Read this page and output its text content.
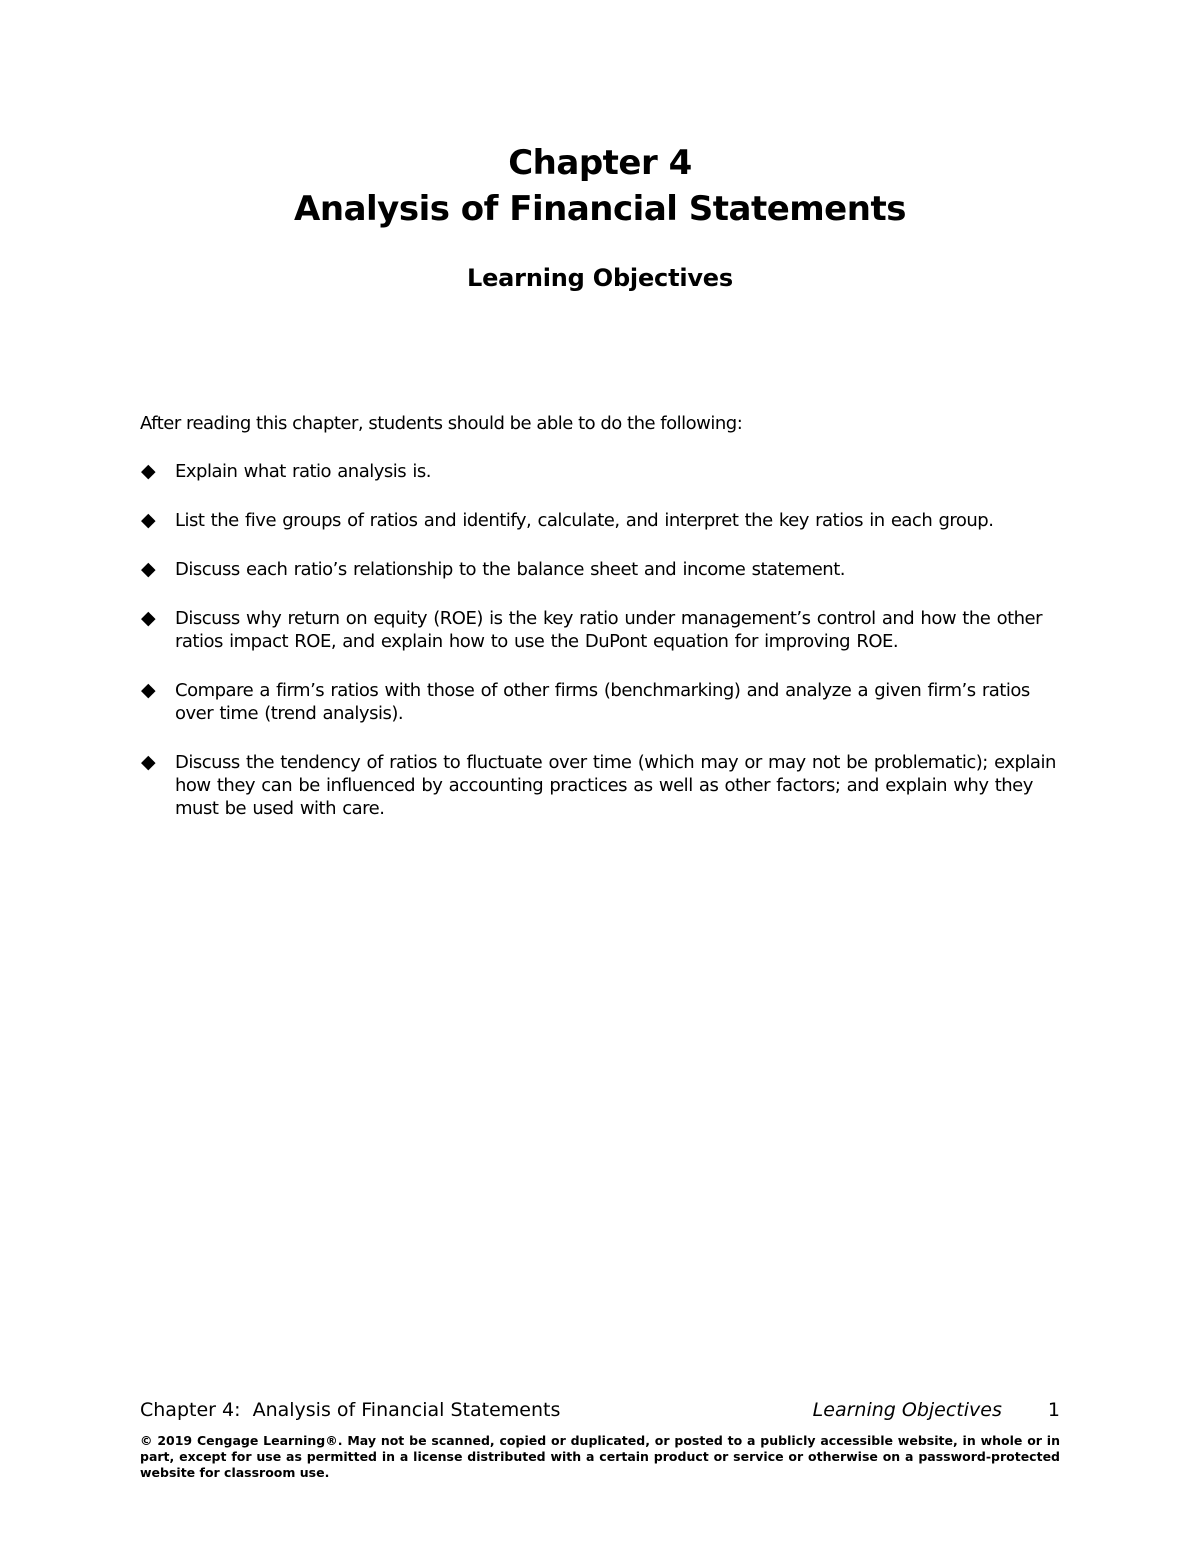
Chapter 4
Analysis of Financial Statements
Learning Objectives
After reading this chapter, students should be able to do the following:
◆ Explain what ratio analysis is.
◆ List the five groups of ratios and identify, calculate, and interpret the key ratios in each group.
◆ Discuss each ratio’s relationship to the balance sheet and income statement.
◆ Discuss why return on equity (ROE) is the key ratio under management’s control and how the other ratios impact ROE, and explain how to use the DuPont equation for improving ROE.
◆ Compare a firm’s ratios with those of other firms (benchmarking) and analyze a given firm’s ratios over time (trend analysis).
◆ Discuss the tendency of ratios to fluctuate over time (which may or may not be problematic); explain how they can be influenced by accounting practices as well as other factors; and explain why they must be used with care.
Chapter 4:  Analysis of Financial Statements	Learning Objectives 1
© 2019 Cengage Learning®. May not be scanned, copied or duplicated, or posted to a publicly accessible website, in whole or in part, except for use as permitted in a license distributed with a certain product or service or otherwise on a password-protected website for classroom use.
